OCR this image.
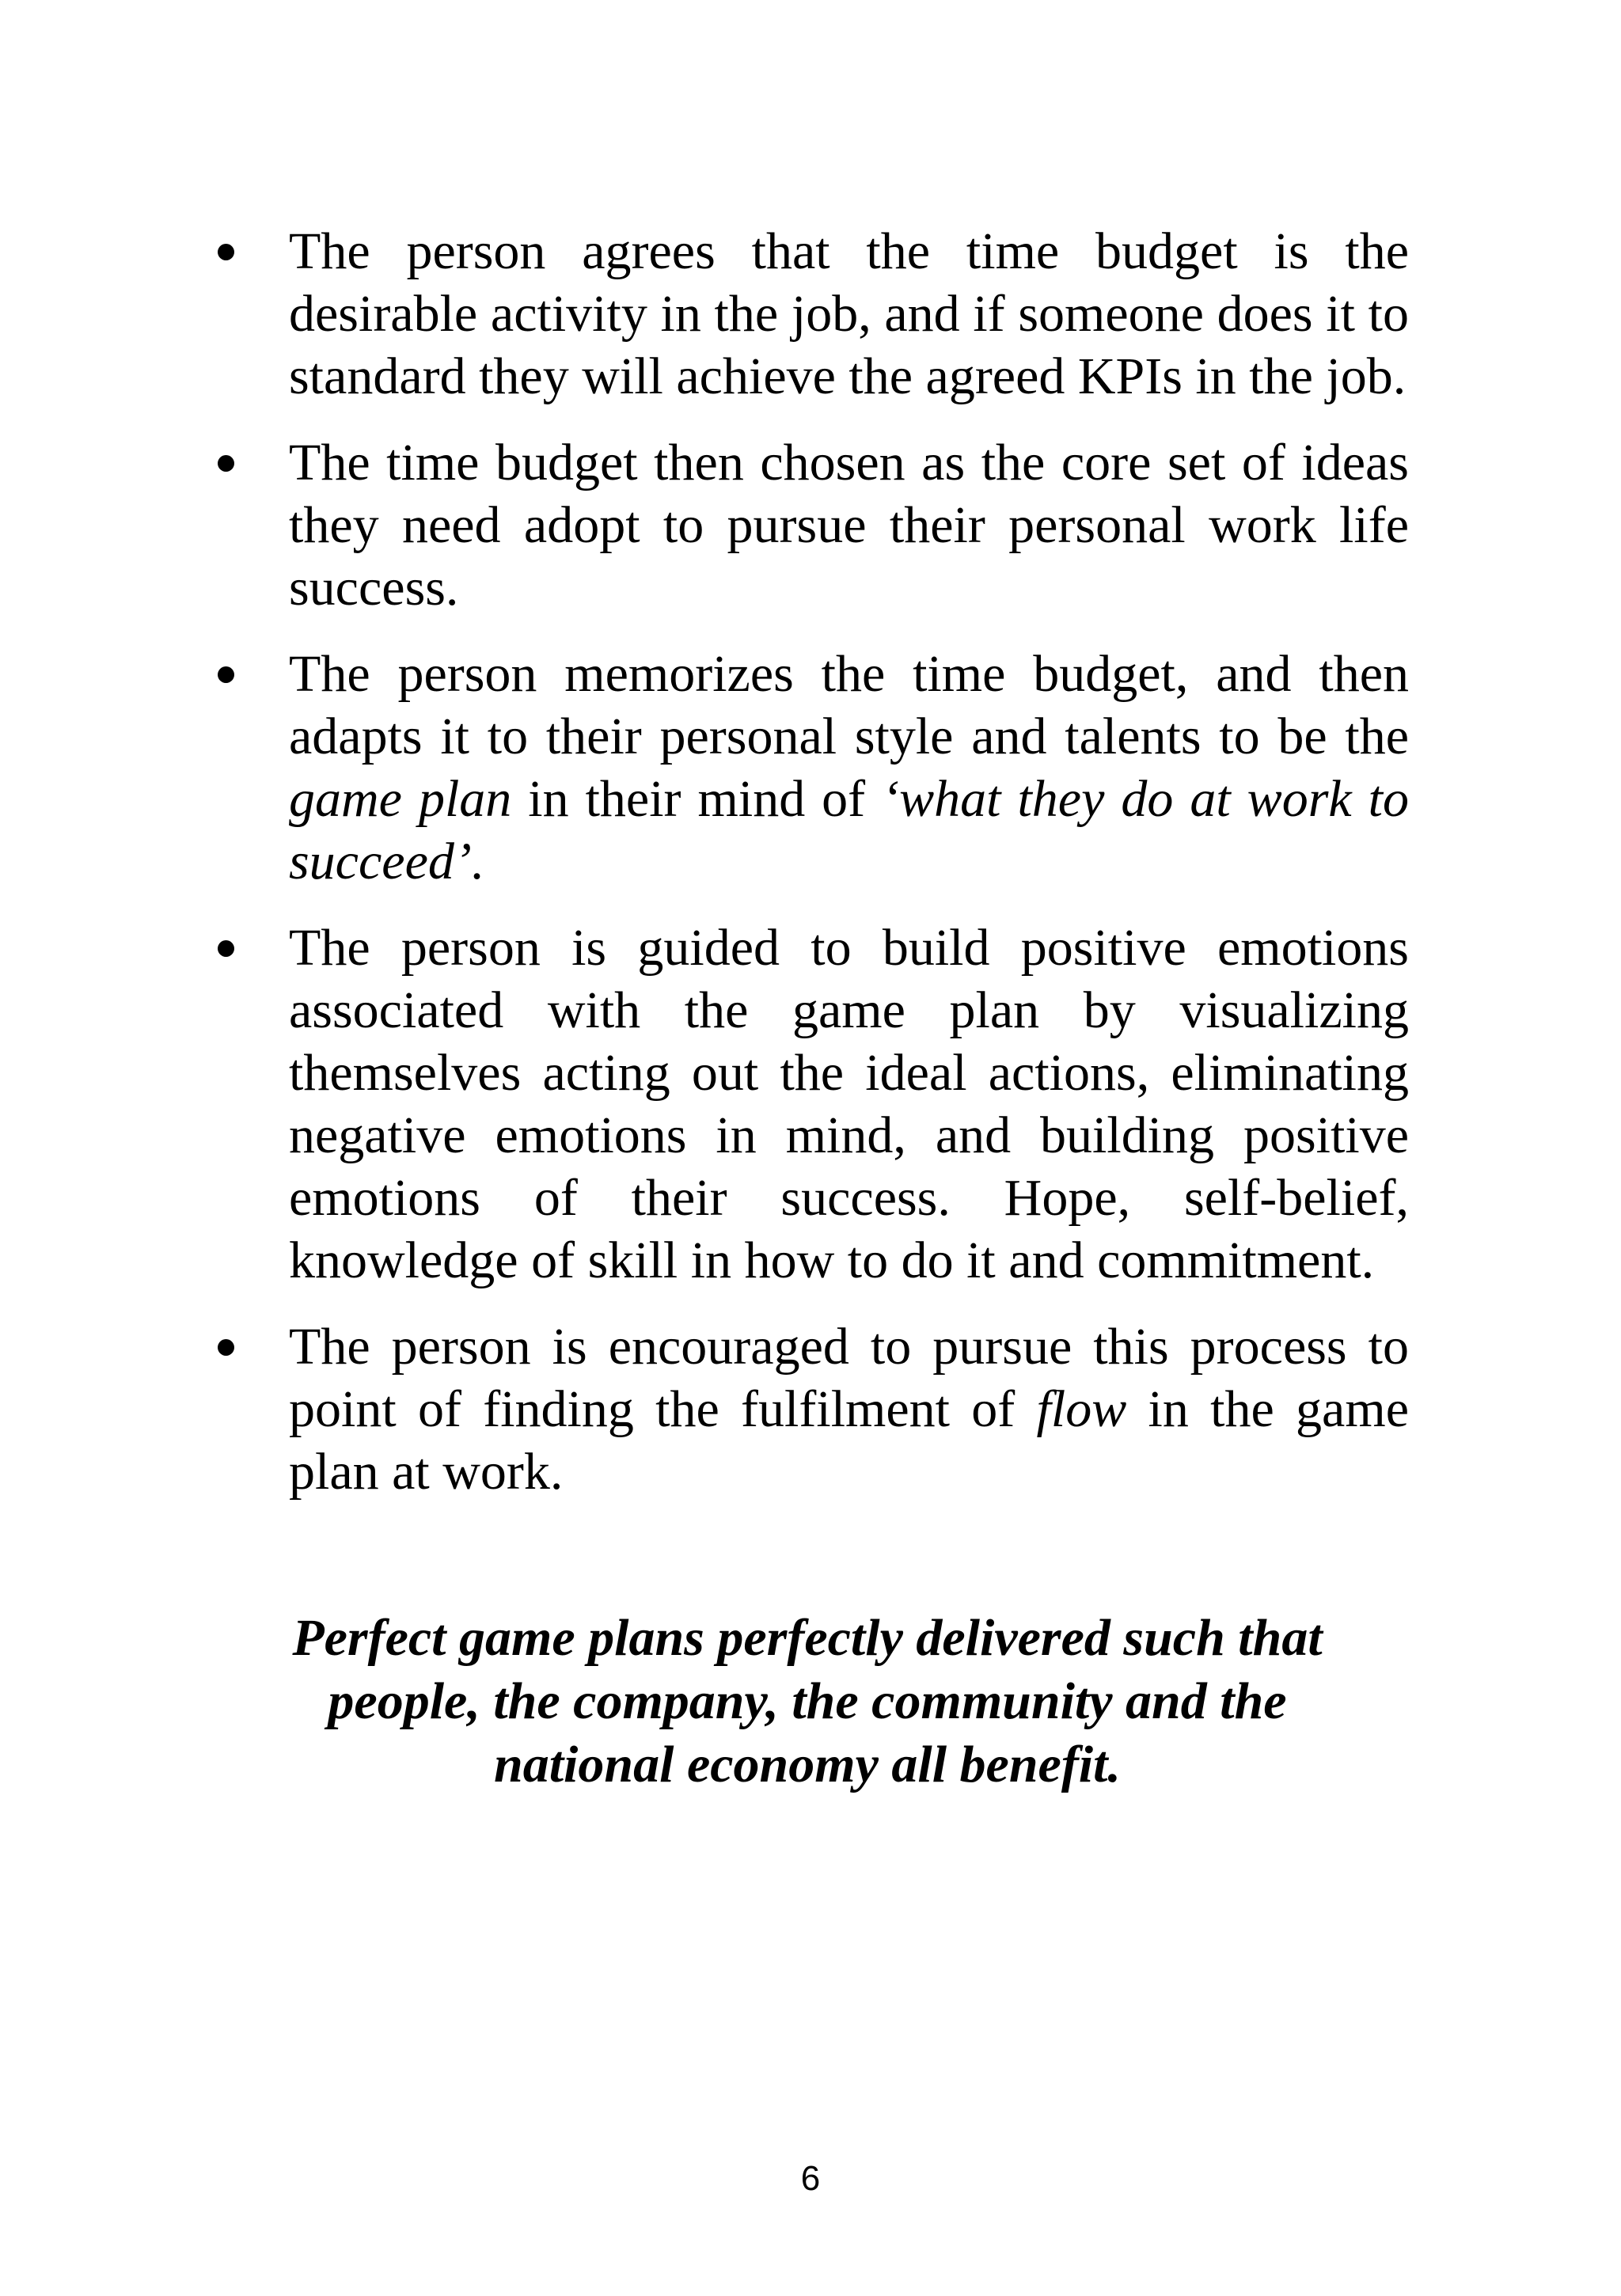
The person agrees that the time budget is the desirable activity in the job, and if someone does it to standard they will achieve the agreed KPIs in the job.
The time budget then chosen as the core set of ideas they need adopt to pursue their personal work life success.
The person memorizes the time budget, and then adapts it to their personal style and talents to be the game plan in their mind of ‘what they do at work to succeed’.
The person is guided to build positive emotions associated with the game plan by visualizing themselves acting out the ideal actions, eliminating negative emotions in mind, and building positive emotions of their success. Hope, self-belief, knowledge of skill in how to do it and commitment.
The person is encouraged to pursue this process to point of finding the fulfilment of flow in the game plan at work.

Perfect game plans perfectly delivered such that people, the company, the community and the national economy all benefit.

6
